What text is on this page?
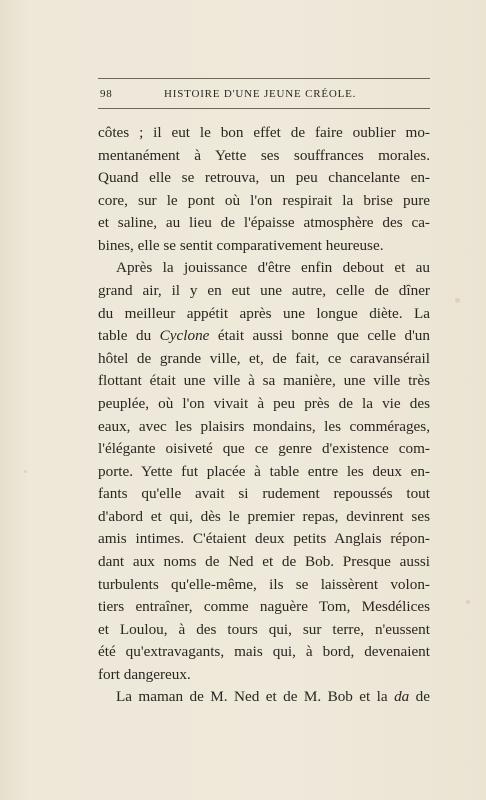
98	HISTOIRE D'UNE JEUNE CRÉOLE.
côtes ; il eut le bon effet de faire oublier mo-
mentanément à Yette ses souffrances morales.
Quand elle se retrouva, un peu chancelante en-
core, sur le pont où l'on respirait la brise pure
et saline, au lieu de l'épaisse atmosphère des ca-
bines, elle se sentit comparativement heureuse.
Après la jouissance d'être enfin debout et au
grand air, il y en eut une autre, celle de dîner
du meilleur appétit après une longue diète. La
table du Cyclone était aussi bonne que celle d'un
hôtel de grande ville, et, de fait, ce caravansérail
flottant était une ville à sa manière, une ville très
peuplée, où l'on vivait à peu près de la vie des
eaux, avec les plaisirs mondains, les commérages,
l'élégante oisiveté que ce genre d'existence com-
porte. Yette fut placée à table entre les deux en-
fants qu'elle avait si rudement repoussés tout
d'abord et qui, dès le premier repas, devinrent ses
amis intimes. C'étaient deux petits Anglais répon-
dant aux noms de Ned et de Bob. Presque aussi
turbulents qu'elle-même, ils se laissèrent volon-
tiers entraîner, comme naguère Tom, Mesdélices
et Loulou, à des tours qui, sur terre, n'eussent
été qu'extravagants, mais qui, à bord, devenaient
fort dangereux.
La maman de M. Ned et de M. Bob et la da de
